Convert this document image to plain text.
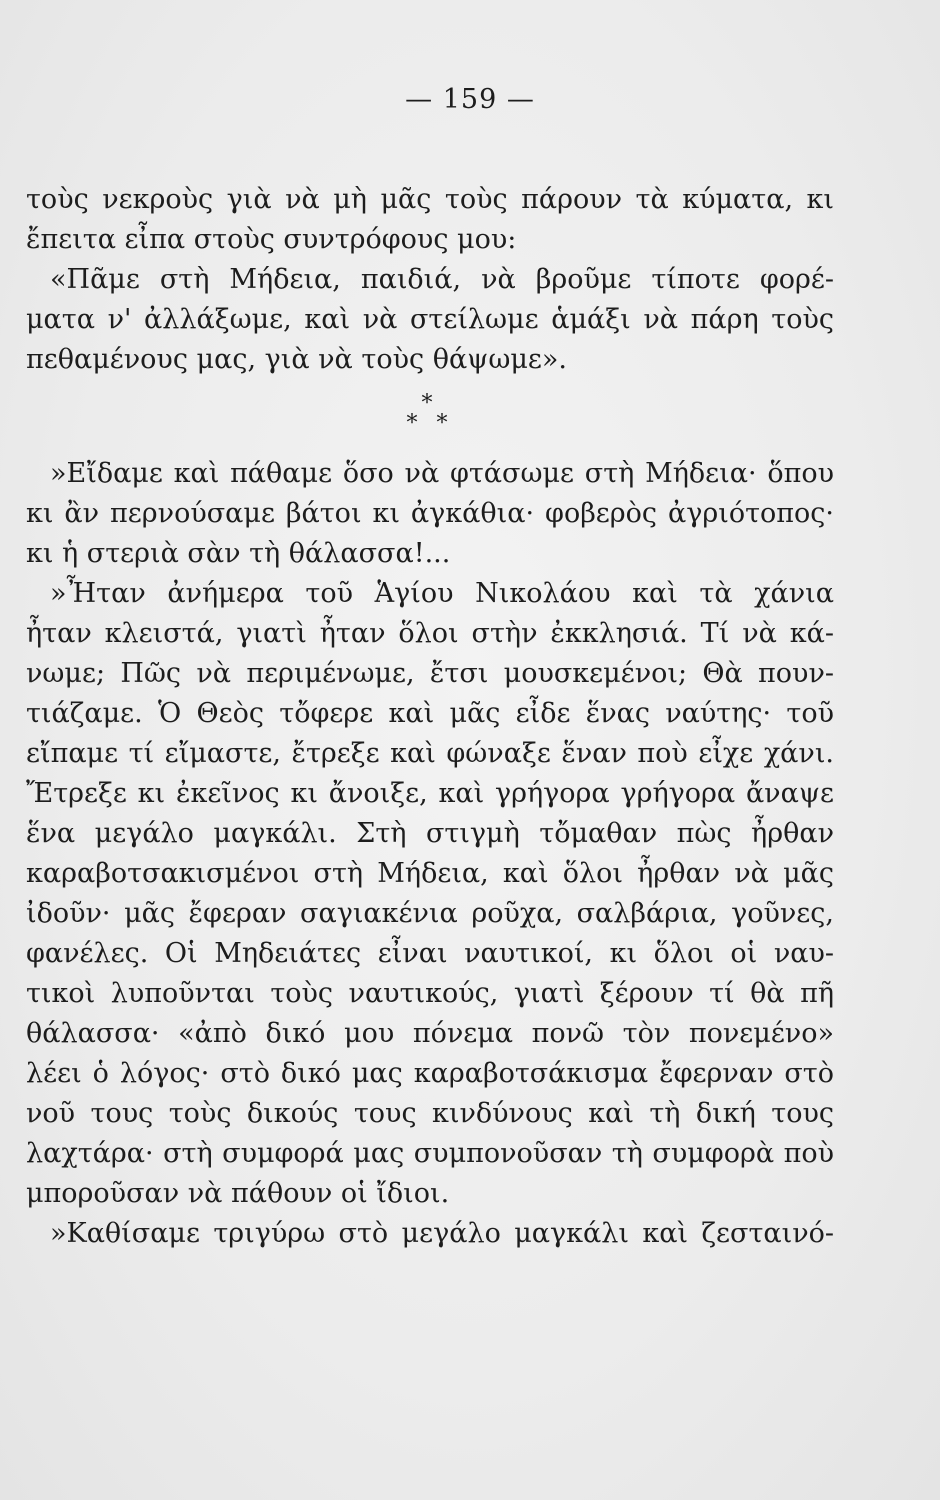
— 159 —
τοὺς νεκροὺς γιὰ νὰ μὴ μᾶς τοὺς πάρουν τὰ κύματα, κι
ἔπειτα εἶπα στοὺς συντρόφους μου:
«Πᾶμε στὴ Μήδεια, παιδιά, νὰ βροῦμε τίποτε φορέ-
ματα ν' ἀλλάξωμε, καὶ νὰ στείλωμε ἁμάξι νὰ πάρη τοὺς
πεθαμένους μας, γιὰ νὰ τοὺς θάψωμε».
*
* *
»Εἴδαμε καὶ πάθαμε ὅσο νὰ φτάσωμε στὴ Μήδεια· ὅπου
κι ἂν περνούσαμε βάτοι κι ἀγκάθια· φοβερὸς ἀγριότοπος·
κι ἡ στεριὰ σὰν τὴ θάλασσα!...
»Ἦταν ἀνήμερα τοῦ Ἁγίου Νικολάου καὶ τὰ χάνια
ἦταν κλειστά, γιατὶ ἦταν ὅλοι στὴν ἐκκλησιά. Τί νὰ κά-
νωμε; Πῶς νὰ περιμένωμε, ἔτσι μουσκεμένοι; Θὰ πουν-
τιάζαμε. Ὁ Θεὸς τὄφερε καὶ μᾶς εἶδε ἕνας ναύτης· τοῦ
εἴπαμε τί εἴμαστε, ἔτρεξε καὶ φώναξε ἕναν ποὺ εἶχε χάνι.
Ἔτρεξε κι ἐκεῖνος κι ἄνοιξε, καὶ γρήγορα γρήγορα ἄναψε
ἕνα μεγάλο μαγκάλι. Στὴ στιγμὴ τὄμαθαν πὼς ἦρθαν
καραβοτσακισμένοι στὴ Μήδεια, καὶ ὅλοι ἦρθαν νὰ μᾶς
ἰδοῦν· μᾶς ἔφεραν σαγιακένια ροῦχα, σαλβάρια, γοῦνες,
φανέλες. Οἱ Μηδειάτες εἶναι ναυτικοί, κι ὅλοι οἱ ναυ-
τικοὶ λυποῦνται τοὺς ναυτικούς, γιατὶ ξέρουν τί θὰ πῆ
θάλασσα· «ἀπὸ δικό μου πόνεμα πονῶ τὸν πονεμένο»
λέει ὁ λόγος· στὸ δικό μας καραβοτσάκισμα ἔφερναν στὸ
νοῦ τους τοὺς δικούς τους κινδύνους καὶ τὴ δική τους
λαχτάρα· στὴ συμφορά μας συμπονοῦσαν τὴ συμφορὰ ποὺ
μποροῦσαν νὰ πάθουν οἱ ἴδιοι.
»Καθίσαμε τριγύρω στὸ μεγάλο μαγκάλι καὶ ζεσταινό-
